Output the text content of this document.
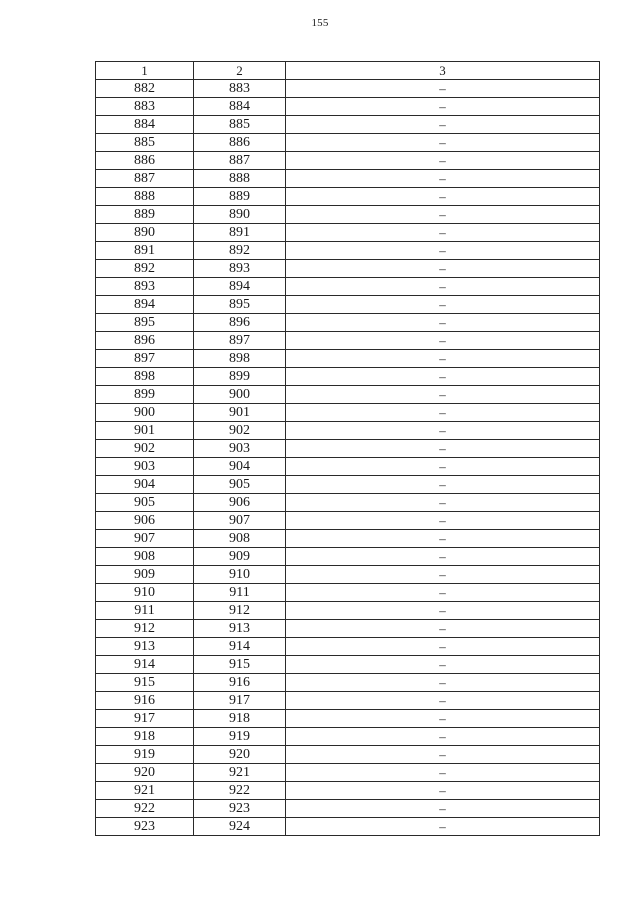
155
1	2	3
882	883	–
883	884	–
884	885	–
885	886	–
886	887	–
887	888	–
888	889	–
889	890	–
890	891	–
891	892	–
892	893	–
893	894	–
894	895	–
895	896	–
896	897	–
897	898	–
898	899	–
899	900	–
900	901	–
901	902	–
902	903	–
903	904	–
904	905	–
905	906	–
906	907	–
907	908	–
908	909	–
909	910	–
910	911	–
911	912	–
912	913	–
913	914	–
914	915	–
915	916	–
916	917	–
917	918	–
918	919	–
919	920	–
920	921	–
921	922	–
922	923	–
923	924	–
